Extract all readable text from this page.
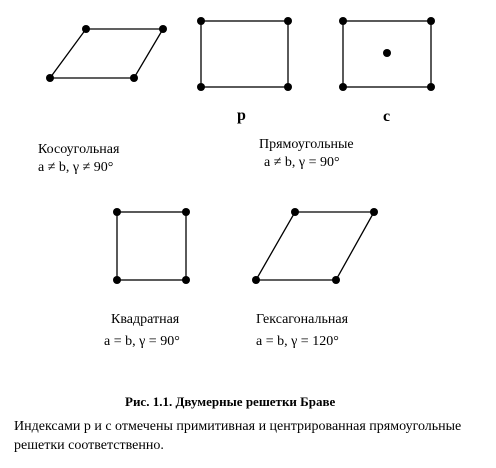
p	c
Косоугольная
a ≠ b, γ ≠ 90°
Прямоугольные
a ≠ b, γ = 90°
Квадратная
a = b, γ = 90°
Гексагональная
a = b, γ = 120°
Рис. 1.1. Двумерные решетки Браве

Индексами p и с отмечены примитивная и центрированная прямоугольные решетки соответственно.
